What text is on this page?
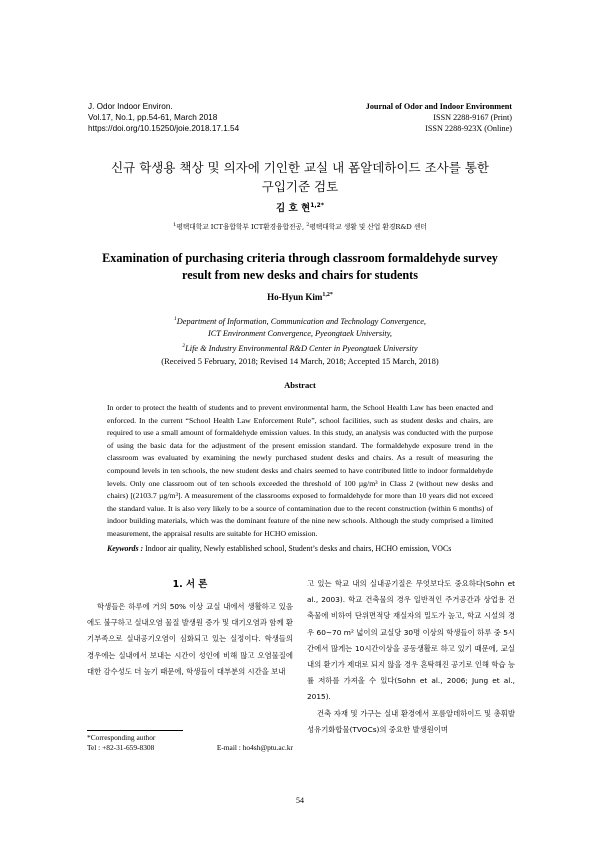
J. Odor Indoor Environ.
Vol.17, No.1, pp.54-61, March 2018
https://doi.org/10.15250/joie.2018.17.1.54
Journal of Odor and Indoor Environment
ISSN 2288-9167 (Print)
ISSN 2288-923X (Online)
신규 학생용 책상 및 의자에 기인한 교실 내 폼알데하이드 조사를 통한
구입기준 검토
김 호 현$^{1,2*}$
$^1$평택대학교 ICT융합학부 ICT환경융합전공, $^2$평택대학교 생활 및 산업 환경R&D 센터
Examination of purchasing criteria through classroom formaldehyde survey
result from new desks and chairs for students
Ho-Hyun Kim$^{1,2*}$
$^1$Department of Information, Communication and Technology Convergence,
ICT Environment Convergence, Pyeongtaek University,
$^2$Life & Industry Environmental R&D Center in Pyeongtaek University
(Received 5 February, 2018; Revised 14 March, 2018; Accepted 15 March, 2018)
Abstract
In order to protect the health of students and to prevent environmental harm, the School Health Law has been enacted and enforced. In the current “School Health Law Enforcement Rule”, school facilities, such as student desks and chairs, are required to use a small amount of formaldehyde emission values. In this study, an analysis was conducted with the purpose of using the basic data for the adjustment of the present emission standard. The formaldehyde exposure trend in the classroom was evaluated by examining the newly purchased student desks and chairs. As a result of measuring the compound levels in ten schools, the new student desks and chairs seemed to have contributed little to indoor formaldehyde levels. Only one classroom out of ten schools exceeded the threshold of 100 µg/m³ in Class 2 (without new desks and chairs) [(2103.7 µg/m³]. A measurement of the classrooms exposed to formaldehyde for more than 10 years did not exceed the standard value. It is also very likely to be a source of contamination due to the recent construction (within 6 months) of indoor building materials, which was the dominant feature of the nine new schools. Although the study comprised a limited measurement, the appraisal results are suitable for HCHO emission.
Keywords : Indoor air quality, Newly established school, Student’s desks and chairs, HCHO emission, VOCs
1. 서 론

학생들은 하루에 거의 50% 이상 교실 내에서 생활하고 있음에도 불구하고 실내오염 물질 발생원 증가 및 대기오염과 함께 환기부족으로 실내공기오염이 심화되고 있는 실정이다. 학생들의 경우에는 실내에서 보내는 시간이 성인에 비해 많고 오염물질에 대한 감수성도 더 높기 때문에, 학생들이 대부분의 시간을 보내

고 있는 학교 내의 실내공기질은 무엇보다도 중요하다(Sohn et al., 2003). 학교 건축물의 경우 일반적인 주거공간과 상업용 건축물에 비하여 단위면적당 재실자의 밀도가 높고, 학교 시설의 경우 60~70 m² 넓이의 교실당 30명 이상의 학생들이 하루 중 5시간에서 많게는 10시간이상을 공동생활로 하고 있기 때문에, 교실 내의 환기가 제대로 되지 않을 경우 혼탁해진 공기로 인해 학습 능률 저하를 가져올 수 있다(Sohn et al., 2006; Jung et al., 2015).

건축 자재 및 가구는 실내 환경에서 포름알데하이드 및 총휘발성유기화합물(TVOCs)의 중요한 발생원이며

*Corresponding author
Tel : +82-31-659-8308	E-mail : ho4sh@ptu.ac.kr
54
